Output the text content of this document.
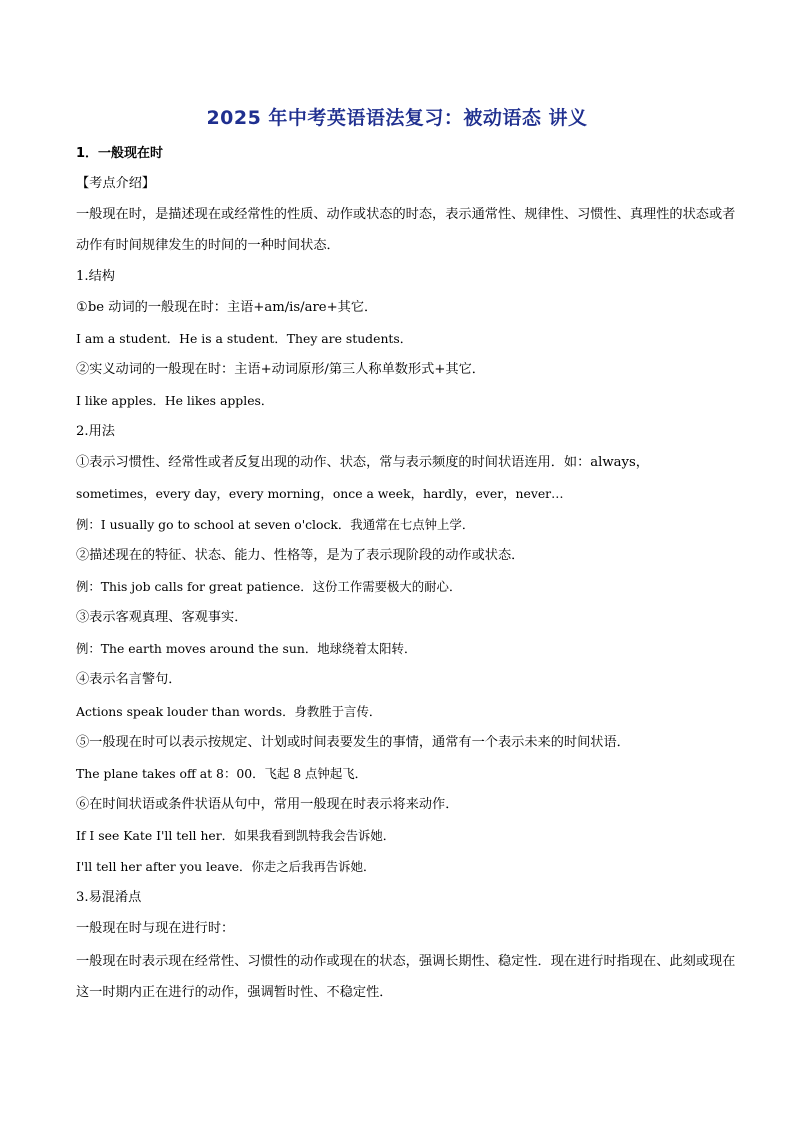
2025 年中考英语语法复习：被动语态 讲义
1．一般现在时
【考点介绍】
一般现在时，是描述现在或经常性的性质、动作或状态的时态，表示通常性、规律性、习惯性、真理性的状态或者动作有时间规律发生的时间的一种时间状态．
1.结构
①be 动词的一般现在时：主语+am/is/are+其它．
I am a student．He is a student．They are students．
②实义动词的一般现在时：主语+动词原形/第三人称单数形式+其它．
I like apples．He likes apples．
2.用法
①表示习惯性、经常性或者反复出现的动作、状态，常与表示频度的时间状语连用．如：always，
sometimes，every day，every morning，once a week，hardly，ever，never…
例：I usually go to school at seven o'clock．我通常在七点钟上学．
②描述现在的特征、状态、能力、性格等，是为了表示现阶段的动作或状态．
例：This job calls for great patience．这份工作需要极大的耐心．
③表示客观真理、客观事实．
例：The earth moves around the sun．地球绕着太阳转．
④表示名言警句．
Actions speak louder than words．身教胜于言传．
⑤一般现在时可以表示按规定、计划或时间表要发生的事情，通常有一个表示未来的时间状语．
The plane takes off at 8：00．飞起 8 点钟起飞．
⑥在时间状语或条件状语从句中，常用一般现在时表示将来动作．
If I see Kate I'll tell her．如果我看到凯特我会告诉她．
I'll tell her after you leave．你走之后我再告诉她．
3.易混淆点
一般现在时与现在进行时：
一般现在时表示现在经常性、习惯性的动作或现在的状态，强调长期性、稳定性．现在进行时指现在、此刻或现在这一时期内正在进行的动作，强调暂时性、不稳定性．
